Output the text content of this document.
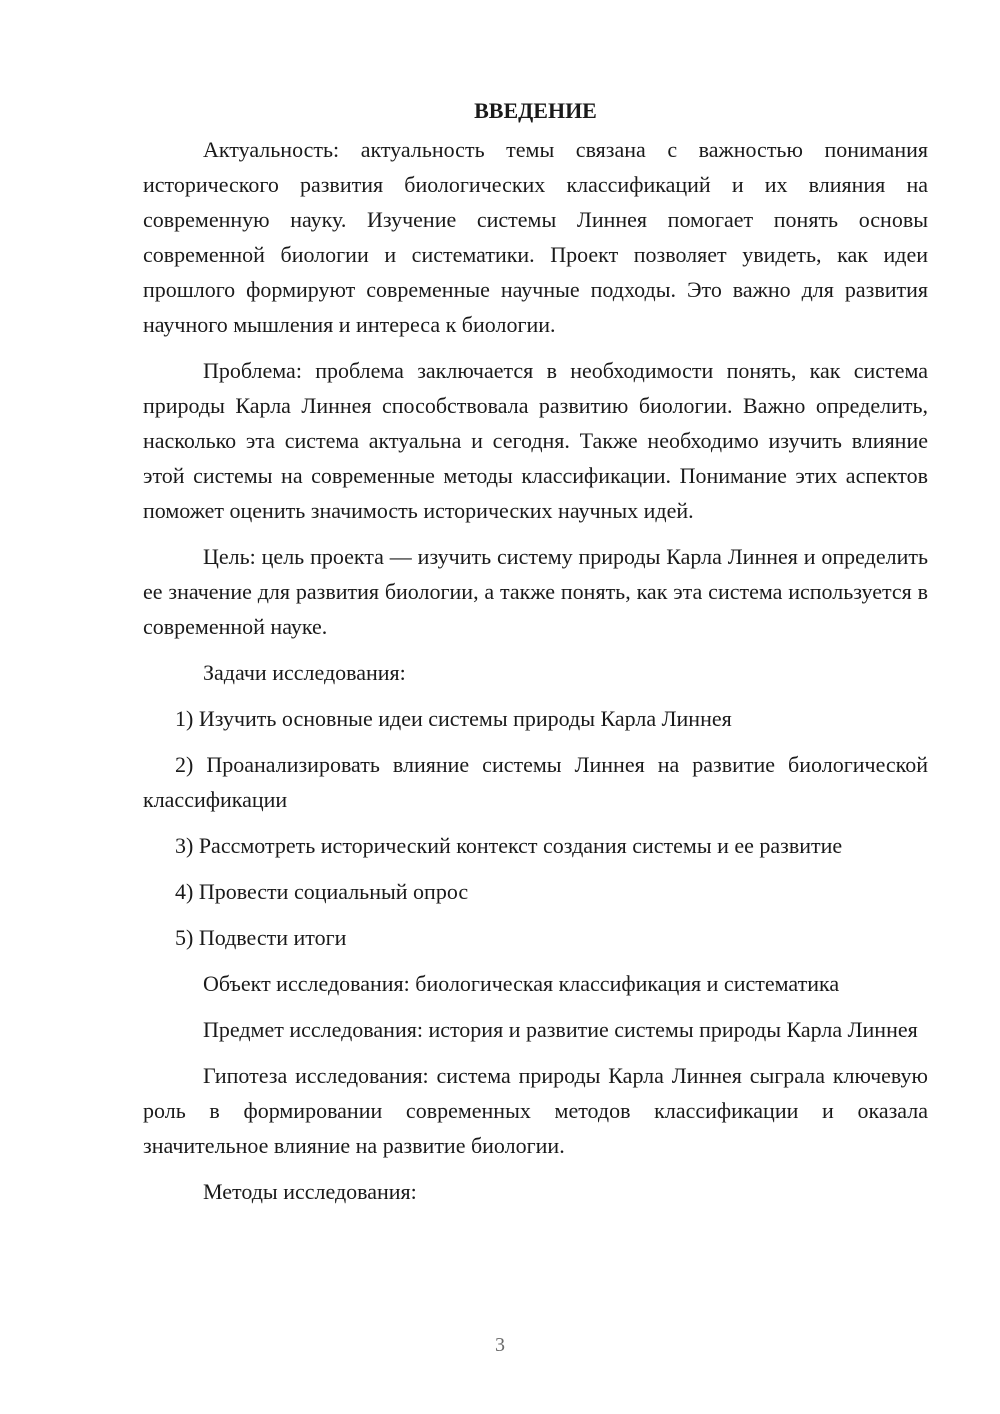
ВВЕДЕНИЕ

Актуальность: актуальность темы связана с важностью понимания исторического развития биологических классификаций и их влияния на современную науку. Изучение системы Линнея помогает понять основы современной биологии и систематики. Проект позволяет увидеть, как идеи прошлого формируют современные научные подходы. Это важно для развития научного мышления и интереса к биологии.

Проблема: проблема заключается в необходимости понять, как система природы Карла Линнея способствовала развитию биологии. Важно определить, насколько эта система актуальна и сегодня. Также необходимо изучить влияние этой системы на современные методы классификации. Понимание этих аспектов поможет оценить значимость исторических научных идей.

Цель: цель проекта — изучить систему природы Карла Линнея и определить ее значение для развития биологии, а также понять, как эта система используется в современной науке.

Задачи исследования:

1) Изучить основные идеи системы природы Карла Линнея

2) Проанализировать влияние системы Линнея на развитие биологической классификации

3) Рассмотреть исторический контекст создания системы и ее развитие

4) Провести социальный опрос

5) Подвести итоги

Объект исследования: биологическая классификация и систематика

Предмет исследования: история и развитие системы природы Карла Линнея

Гипотеза исследования: система природы Карла Линнея сыграла ключевую роль в формировании современных методов классификации и оказала значительное влияние на развитие биологии.

Методы исследования:

3
